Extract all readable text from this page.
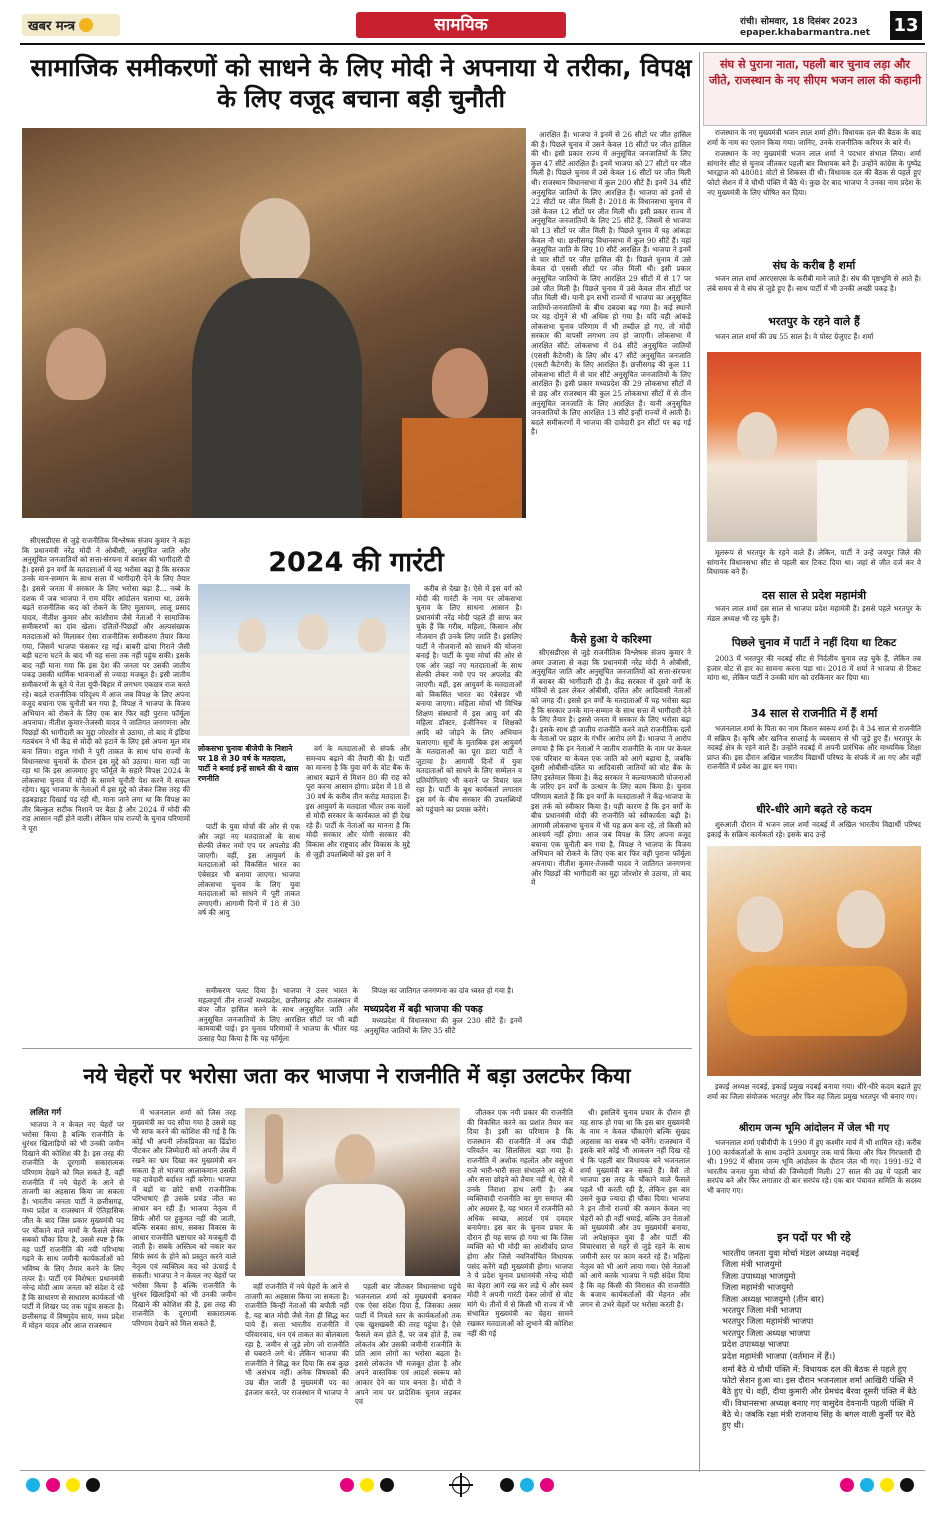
खबर मन्त्र	सामयिक	रांची। सोमवार, 18 दिसंबर 2023
epaper.khabarmantra.net	13
सामाजिक समीकरणों को साधने के लिए मोदी ने अपनाया ये तरीका, विपक्ष के लिए वजूद बचाना बड़ी चुनौती

सीएसडीएस से जुड़े राजनीतिक विश्लेषक संजय कुमार ने कहा कि प्रधानमंत्री नरेंद्र मोदी ने ओबीसी, अनुसूचित जाति और अनुसूचित जनजातियों को सत्ता-संरचना में बराबर की भागीदारी दी है। इससे इन वर्गों के मतदाताओं में यह भरोसा बढ़ा है कि सरकार उनके मान-सम्मान के साथ सत्ता में भागीदारी देने के लिए तैयार है। इससे जनता में सरकार के लिए भरोसा बढ़ा है... नब्बे के दशक में जब भाजपा ने राम मंदिर आंदोलन चलाया था, उसके बढ़ते राजनीतिक कद को रोकने के लिए मुलायम, लालू प्रसाद यादव, नीतीश कुमार और कांशीराम जैसे नेताओं ने सामाजिक समीकरणों का दांव खेला। दलितों-पिछड़ों और अल्पसंख्यक मतदाताओं को मिलाकर ऐसा राजनीतिक समीकरण तैयार किया गया, जिसमें भाजपा फंसकर रह गई। बाबरी ढांचा गिराने जैसी बड़ी घटना घटने के बाद भी यह सत्ता तक नहीं पहुंच सकी। इसके बाद नहीं माना गया कि इस देश की जनता पर उसकी जातीय पकड़ उसकी धार्मिक भावनाओं से ज्यादा मजबूत है। इसी जातीय समीकरणों के बूते ये नेता यूपी-बिहार में लगभग एकछत्र राज करते रहे। बदले राजनीतिक परिदृश्य में आज जब विपक्ष के लिए अपना वजूद बचाना एक चुनौती बन गया है, विपक्ष ने भाजपा के विजय अभियान को रोकने के लिए एक बार फिर वही पुराना फॉर्मूला अपनाया। नीतीश कुमार-तेजस्वी यादव ने जातिगत जनगणना और पिछड़ों की भागीदारी का मुद्दा जोरशोर से उठाया, तो बाद में इंडिया गठबंधन ने भी केंद्र से मोदी को हटाने के लिए इसे अपना मूल मंत्र बना लिया। राहुल गांधी ने पूरी ताकत के साथ पांच राज्यों के विधानसभा चुनावों के दौरान इस मुद्दे को उठाया। माना यही जा रहा था कि इस आजमाए हुए फॉर्मूले के सहारे विपक्ष 2024 के लोकसभा चुनाव में मोदी के सामने चुनौती पेश करने में सफल रहेगा। खुद भाजपा के नेताओं में इस मुद्दे को लेकर जिस तरह की हड़बड़ाहट दिखाई पड़ रही थी, माना जाने लगा था कि विपक्ष का तीर बिल्कुल सटीक निशाने पर बैठा है और 2024 में मोदी की राह आसान नहीं होने वाली। लेकिन पांच राज्यों के चुनाव परिणामों ने पूरा

आरक्षित हैं। भाजपा ने इनमें से 26 सीटों पर जीत हासिल की है। पिछले चुनाव में उसने केवल 18 सीटों पर जीत हासिल की थी। इसी प्रकार राज्य में अनुसूचित जनजातियों के लिए कुल 47 सीटें आरक्षित हैं। इनमें भाजपा को 27 सीटों पर जीत मिली है। पिछले चुनाव में उसे केवल 16 सीटों पर जीत मिली थी। राजस्थान विधानसभा में कुल 200 सीटें हैं। इनमें 34 सीटें अनुसूचित जातियों के लिए आरक्षित हैं। भाजपा को इनमें से 22 सीटों पर जीत मिली है। 2018 के विधानसभा चुनाव में उसे केवल 12 सीटों पर जीत मिली थी। इसी प्रकार राज्य में अनुसूचित जनजातियों के लिए 25 सीटें हैं, जिसमें से भाजपा को 13 सीटों पर जीत मिली है। पिछले चुनाव में यह आंकड़ा केवल नौ था। छत्तीसगढ़ विधानसभा में कुल 90 सीटें हैं। यहां अनुसूचित जाति के लिए 10 सीटें आरक्षित हैं। भाजपा ने इनमें से चार सीटों पर जीत हासिल की है। पिछले चुनाव में उसे केवल दो एससी सीटों पर जीत मिली थी। इसी प्रकार अनुसूचित जातियों के लिए आरक्षित 29 सीटों में से 17 पर उसे जीत मिली है। पिछले चुनाव में उसे केवल तीन सीटों पर जीत मिली थी। यानी इन सभी राज्यों में भाजपा का अनुसूचित जातियों-जनजातियों के बीच दबदबा बढ़ गया है। कई स्थानों पर यह दोगुने से भी अधिक हो गया है। यदि यही आंकड़े लोकसभा चुनाव परिणाम में भी तब्दील हो गए, तो मोदी सरकार की वापसी लगभग तय हो जाएगी। लोकसभा में आरक्षित सीटें: लोकसभा में 84 सीटें अनुसूचित जातियों (एससी कैटेगरी) के लिए और 47 सीटें अनुसूचित जनजाति (एसटी कैटेगरी) के लिए आरक्षित हैं। छत्तीसगढ़ की कुल 11 लोकसभा सीटों में से चार सीटें अनुसूचित जनजातियों के लिए आरक्षित हैं। इसी प्रकार मध्यप्रदेश की 29 लोकसभा सीटों में से छह और राजस्थान की कुल 25 लोकसभा सीटों में से तीन अनुसूचित जनजाति के लिए आरक्षित हैं। यानी अनुसूचित जनजातियों के लिए आरक्षित 13 सीटें इन्हीं राज्यों में आती हैं। बदले समीकरणों में भाजपा की दावेदारी इन सीटों पर बढ़ गई है।

कैसे हुआ ये करिश्मा

सीएसडीएस से जुड़े राजनीतिक विश्लेषक संजय कुमार ने अमर उजाला से कहा कि प्रधानमंत्री नरेंद्र मोदी ने ओबीसी, अनुसूचित जाति और अनुसूचित जनजातियों को सत्ता-संरचना में बराबर की भागीदारी दी है। केंद्र सरकार में दूसरे वर्गों के मंत्रियों से इतर लेकर ओबीसी, दलित और आदिवासी नेताओं को जगह दी। इससे इन वर्गों के मतदाताओं में यह भरोसा बढ़ा है कि सरकार उनके मान-सम्मान के साथ सत्ता में भागीदारी देने के लिए तैयार है। इससे जनता में सरकार के लिए भरोसा बढ़ा है। इसके साथ ही जातीय राजनीति करने वाले राजनीतिक दलों के नेताओं पर प्रहार के गंभीर आरोप लगे हैं। भाजपा ने आरोप लगाया है कि इन नेताओं ने जातीय राजनीति के नाम पर केवल एक परिवार या केवल एक जाति को आगे बढ़ाया है, जबकि दूसरी ओबीसी-दलित या आदिवासी जातियों को वोट बैंक के लिए इस्तेमाल किया है। केंद्र सरकार ने कल्याणकारी योजनाओं के जरिए इन वर्गों के उत्थान के लिए काम किया है। चुनाव परिणाम बताते हैं कि इन वर्गों के मतदाताओं ने केंद्र-भाजपा के इस तर्क को स्वीकार किया है। यही कारण है कि इन वर्गों के बीच प्रधानमंत्री मोदी की राजनीति को स्वीकार्यता बढ़ी है। आगामी लोकसभा चुनाव में भी यह क्रम बना रहे, तो किसी को आश्चर्य नहीं होगा। आज जब विपक्ष के लिए अपना वजूद बचाना एक चुनौती बन गया है, विपक्ष ने भाजपा के विजय अभियान को रोकने के लिए एक बार फिर वही पुराना फॉर्मूला अपनाया। नीतीश कुमार-तेजस्वी यादव ने जातिगत जनगणना और पिछड़ों की भागीदारी का मुद्दा जोरशोर से उठाया, तो बाद में

2024 की गारंटी
लोकसभा चुनावः बीजेपी के निशाने पर 18 से 30 वर्ष के मतदाता, पार्टी ने बनाई इन्हें साधने की ये खास रणनीति

पार्टी के युवा मोर्चा की ओर से एक और जहां नए मतदाताओं के साथ सेल्फी लेकर नमो एप पर अपलोड की जाएगी। वहीं, इस आयुवर्ग के मतदाताओं को विकसित भारत का एंबेसडर भी बनाया जाएगा। भाजपा लोकसभा चुनाव के लिए युवा मतदाताओं को साधने में पूरी ताकत लगाएगी। आगामी दिनों में 18 से 30 वर्ष की आयु

वर्ग के मतदाताओं से संपर्क और समन्वय बढ़ाने की तैयारी की है। पार्टी का मानना है कि युवा वर्ग के वोट बैंक के आधार बढ़ाने से मिशन 80 की राह को पूरा करना आसान होगा। प्रदेश में 18 से 30 वर्ष के करीब तीन करोड़ मतदाता हैं। इस आयुवर्ग के मतदाता भीतर तक वालों से मोदी सरकार के कार्यकाल को ही देख रहे हैं। पार्टी के नेताओं का मानना है कि मोदी सरकार और योगी सरकार की विकास और राष्ट्रवाद और विकास के मुद्दे से जुड़ी उपलब्धियों को इस वर्ग ने

करीब से देखा है। ऐसे में इस वर्ग को मोदी की गारंटी के नाम पर लोकसभा चुनाव के लिए साधना आसान है। प्रधानमंत्री नरेंद्र मोदी पहले ही साफ कर चुके हैं कि गरीब, महिला, किसान और नौजवान ही उनके लिए जाति हैं। इसलिए पार्टी ने नौजवानों को साधने की योजना बनाई है। पार्टी के युवा मोर्चा की ओर से एक ओर जहां नए मतदाताओं के साथ सेल्फी लेकर नमो एप पर अपलोड की जाएगी। वहीं, इस आयुवर्ग के मतदाताओं को विकसित भारत का एंबेसडर भी बनाया जाएगा। महिला मोर्चा भी विभिन्न शिक्षण संस्थानों में इस आयु वर्ग की महिला डॉक्टर, इंजीनियर व शिक्षकों आदि को जोड़ने के लिए अभियान चलाएगा। सूत्रों के मुताबिक इस आयुवर्ग के मतदाताओं का पूरा डाटा पार्टी ने जुटाया है। आगामी दिनों में युवा मतदाताओं को साधने के लिए सम्मेलन व प्रतियोगिताएं भी कराने पर विचार चल रहा है। पार्टी के बूथ कार्यकर्ता लगातार इस वर्ग के बीच सरकार की उपलब्धियों को पहुंचाने का प्रयास करेंगे।

समीकरण पलट दिया है। भाजपा ने उत्तर भारत के महत्वपूर्ण तीन राज्यों मध्यप्रदेश, छत्तीसगढ़ और राजस्थान में बंपर जीत हासिल करने के साथ अनुसूचित जाति और अनुसूचित जनजातियों के लिए आरक्षित सीटों पर भी बड़ी कामयाबी पाई। इन चुनाव परिणामों ने भाजपा के भीतर यह उत्साह पैदा किया है कि यह फॉर्मूला

विपक्ष का जातिगत जनगणना का दांव ध्वस्त हो गया है।

मध्यप्रदेश में बढ़ी भाजपा की पकड़

मध्यप्रदेश में विधानसभा की कुल 230 सीटें हैं। इनमें अनुसूचित जातियों के लिए 35 सीटें

संघ से पुराना नाता, पहली बार चुनाव लड़ा और जीते, राजस्थान के नए सीएम भजन लाल की कहानी

राजस्थान के नए मुख्यमंत्री भजन लाल शर्मा होंगे। विधायक दल की बैठक के बाद शर्मा के नाम का एलान किया गया। जानिए, उनके राजनीतिक करियर के बारे में।

राजस्थान के नए मुख्यमंत्री भजन लाल शर्मा ने पदभार संभाल लिया। शर्मा सांगानेर सीट से चुनाव जीतकर पहली बार विधायक बने हैं। उन्होंने कांग्रेस के पुष्पेंद्र भारद्वाज को 48081 वोटों से शिकस्त दी थी। विधायक दल की बैठक से पहले हुए फोटो सेशन में वे चौथी पंक्ति में बैठे थे। कुछ देर बाद भाजपा ने उनका नाम प्रदेश के नए मुख्यमंत्री के लिए घोषित कर दिया।

संघ के करीब है शर्मा

भजन लाल शर्मा आरएसएस के करीबी माने जाते हैं। संघ की पृष्ठभूमि से आते हैं। लंबे समय से वे संघ से जुड़े हुए हैं। साथ पार्टी में भी उनकी अच्छी पकड़ है।

भरतपुर के रहने वाले हैं

भजन लाल शर्मा की उम्र 55 साल है। वे पोस्ट ग्रेजुएट हैं। शर्मा

मूलरूप से भरतपुर के रहने वाले हैं। लेकिन, पार्टी ने उन्हें जयपुर जिले की सांगानेर विधानसभा सीट से पहली बार टिकट दिया था। जहां से जीत दर्ज कर वे विधायक बने हैं।

दस साल से प्रदेश महामंत्री

भजन लाल शर्मा दस साल से भाजपा प्रदेश महामंत्री हैं। इससे पहले भरतपुर के मंडल अध्यक्ष भी रह चुके हैं।

पिछले चुनाव में पार्टी ने नहीं दिया था टिकट

2003 में भरतपुर की नदबई सीट से निर्दलीय चुनाव लड़ चुके हैं, लेकिन तब हजार वोट से हार का सामना करना पड़ा था। 2018 में शर्मा ने भाजपा से टिकट मांगा था, लेकिन पार्टी ने उनकी मांग को दरकिनार कर दिया था।

34 साल से राजनीति में हैं शर्मा

भजनलाल शर्मा के पिता का नाम किशन स्वरूप शर्मा है। वे 34 साल से राजनीति में सक्रिय हैं। कृषि और खनिज सप्लाई के व्यवसाय से भी जुड़े हुए हैं। भरतपुर के नदबई क्षेत्र के रहने वाले हैं। उन्होंने नदबई में अपनी प्रारंभिक और माध्यमिक शिक्षा प्राप्त की। इस दौरान अखिल भारतीय विद्यार्थी परिषद के संपर्क में आ गए और वहीं राजनीति में प्रवेश का द्वार बन गया।

धीरे-धीरे आगे बढ़ते रहे कदम

शुरुआती दौरान में भजन लाल शर्मा नदबई में अखिल भारतीय विद्यार्थी परिषद इकाई के सक्रिय कार्यकर्ता रहे। इसके बाद उन्हें

इकाई अध्यक्ष नदबई, इकाई प्रमुख नदबई बनाया गया। धीरे-धीरे कदम बढ़ाते हुए शर्मा का जिला संयोजक भरतपुर और फिर वह जिला प्रमुख भरतपुर भी बनाए गए।

श्रीराम जन्म भूमि आंदोलन में जेल भी गए

भजनलाल शर्मा एबीवीपी के 1990 में हुए कश्मीर मार्च में भी शामिल रहे। करीब 100 कार्यकर्ताओं के साथ उन्होंने ऊधमपुर तक मार्च किया और फिर गिरफ्तारी दी थी। 1992 में श्रीराम जन्म भूमि आंदोलन के दौरान जेल भी गए। 1991-92 में भारतीय जनता युवा मोर्चा की जिम्मेदारी मिली। 27 साल की उम्र में पहली बार सरपंच बने और फिर लगातार दो बार सरपंच रहे। एक बार पंचायत समिति के सदस्य भी बनाए गए।

इन पदों पर भी रहे
भारतीय जनता युवा मोर्चा मंडल अध्यक्ष नदबई
जिला मंत्री भाजयुमो
जिला उपाध्यक्ष भाजयुमो
जिला महामंत्री भाजयुमो
जिला अध्यक्ष भाजयुमो (तीन बार)
भरतपुर जिला मंत्री भाजपा
भरतपुर जिला महामंत्री भाजपा
भरतपुर जिला अध्यक्ष भाजपा
प्रदेश उपाध्यक्ष भाजपा
प्रदेश महामंत्री भाजपा (वर्तमान में हैं।)
शर्मा बैठे थे चौथी पंक्ति में: विधायक दल की बैठक से पहले हुए फोटो सेशन हुआ था। इस दौरान भजनलाल शर्मा आखिरी पंक्ति में बैठे हुए थे। वहीं, दीया कुमारी और प्रेमचंद बैरवा दूसरी पंक्ति में बैठे थीं। विधानसभा अध्यक्ष बनाए गए वासुदेव देवनानी पहली पंक्ति में बैठे थे। जबकि रक्षा मंत्री राजनाथ सिंह के बगल वाली कुर्सी पर बैठे हुए थी।
नये चेहरों पर भरोसा जता कर भाजपा ने राजनीति में बड़ा उलटफेर किया
ललित गर्ग

भाजपा ने न केवल नए चेहरों पर भरोसा किया है बल्कि राजनीति के धुरंधर खिलाड़ियों को भी उनकी जमीन दिखाने की कोशिश की है। इस तरह की राजनीति के दूरगामी सकारात्मक परिणाम देखने को मिल सकते हैं, वहीं राजनीति में नये चेहरों के आने से ताजगी का अहसास किया जा सकता है। भारतीय जनता पार्टी ने छत्तीसगढ़, मध्य प्रदेश व राजस्थान में ऐतिहासिक जीत के बाद जिस प्रकार मुख्यमंत्री पद पर चौंकाने वाले नामों के फैसले लेकर सबको चौंका दिया है, उससे स्पष्ट है कि वह पार्टी राजनीति की नयी परिभाषा गढ़ने के साथ जमीनी कार्यकर्ताओं को भविष्य के लिए तैयार करने के लिए तत्पर है। पार्टी एवं विशेषतः प्रधानमंत्री नरेन्द्र मोदी आम जनता को संदेश दे रहे हैं कि साधारण से साधारण कार्यकर्ता भी पार्टी में शिखर पद तक पहुंच सकता है। छत्तीसगढ़ में विष्णुदेव साय, मध्य प्रदेश में मोहन यादव और आज राजस्थान

में भजनलाल शर्मा को जिस तरह मुख्यमंत्री का पद सौंपा गया है उससे यह भी साफ करने की कोशिश की गई है कि कोई भी अपनी लोकप्रियता का ढिंढोरा पीटकर और जिम्मेदारी को अपनी जेब में रखने का भ्रम दिखा कर मुख्यमंत्री बन सकता है तो भाजपा आलाकमान उसकी यह दावेदारी बर्दाश्त नहीं करेगा। भाजपा में बड़ों या छोटे सभी राजनीतिक परिभाषाएं ही उसके प्रचंड जीत का आधार बन रही हैं। भाजपा नेतृत्व में सिर्फ औरों पर हुकूमत नहीं की जाती, बल्कि सबका साथ, सबका विकास के आधार राजनीति भ्रष्टाचार को मजबूती दी जाती है। सबके अस्तित्व को नकार कर सिर्फ स्वयं के होने को प्रस्तुत करने वाले नेतृत्व एवं व्यक्तित्व कद को ऊंचाई दे सकती। भाजपा ने न केवल नए चेहरों पर भरोसा किया है बल्कि राजनीति के धुरंधर खिलाड़ियों को भी उनकी जमीन दिखाने की कोशिश की है, इस तरह की राजनीति के दूरगामी सकारात्मक परिणाम देखने को मिल सकते हैं,

वहीं राजनीति में नये चेहरों के आने से ताजगी का अहसास किया जा सकता है। राजनीति किन्हीं नेताओं की बपौती नहीं है, यह बात मोदी जैसे नेता ही सिद्ध कर पाये हैं। सत्ता भारतीय राजनीति में परिवारवाद, धन एवं ताकत का बोलबाला रहा है, जमीन से जुड़े लोग जो राजनीति से घबराने लगे थे। लेकिन भाजपा की राजनीति ने सिद्ध कर दिया कि सब कुछ भी असंभव नहीं। अनेक विषयकों की उम्र बीत जाती है मुख्यमंत्री पद का इंतजार करते, पर राजस्थान में भाजपा ने

पहली बार जीतकर विधानसभा पहुंचे भजनलाल शर्मा को मुख्यमंत्री बनाकर एक ऐसा संदेश दिया है, जिसका असर पार्टी में निचले स्तर के कार्यकर्ताओं तक एक खुशखबरी की तरह पहुंचा है। ऐसे फैसले कम होते हैं, पर जब होते हैं, तब लोकतंत्र और उसकी जमीनी राजनीति के प्रति आम लोगों का भरोसा बढ़ता है। इससे लोकतंत्र भी मजबूत होता है और अपने वास्तविक एवं आदर्श स्वरूप को आकार देने का पात्र बनता है। मोदी ने अपने नाम पर प्रादेशिक चुनाव लड़कर एवं

जीतकर एक नयी प्रकार की राजनीति की विकसित करने का प्रशांत तैयार कर दिया है। इसी का परिणाम है कि राजस्थान की राजनीति में अब पीढ़ी परिवर्तन का सिलसिला बड़ा गया है। राजनीति में अशोक गहलोत और वसुंधरा राजे भारी-भारी सत्ता संभालने आ रहे थे और सत्ता छोड़ने को तैयार नहीं थे, ऐसे में उनके निराशा हाथ लगी है। अब व्यक्तिवादी राजनीति का युग समाप्त की ओर अग्रसर है, यह भारत में राजनीति को अधिक स्वच्छ, आदर्श एवं दमदार बनायेगा। इस बार के चुनाव प्रचार के दौरान ही यह साफ हो गया था कि जिस व्यक्ति को भी मोदी का आशीर्वाद प्राप्त होगा और जिसे नवनिर्वाचित विधायक पसंद करेंगे वही मुख्यमंत्री होगा। भाजपा ने ये प्रदेश चुनाव प्रधानमंत्री नरेन्द्र मोदी का चेहरा आगे रख कर लड़े थे और स्वयं मोदी ने अपनी गारंटी देकर लोगों से वोट मांगे थे। तीनों में से किसी भी राज्य में भी संभावित मुख्यमंत्री का चेहरा सामने रखकर मतदाताओं को लुभाने की कोशिश नहीं की गई

थी। इसलिये चुनाव प्रचार के दौरान ही यह साफ हो गया था कि इस बार मुख्यमंत्री के नाम न केवल चौंकाएंगे बल्कि सुखद अहसास का सबब भी बनेंगे। राजस्थान में इसके बारे कोई भी आकलन नहीं दिख रहे थे कि पहली बार विधायक बने भजनलाल शर्मा मुख्यमंत्री बन सकते हैं। वैसे तो भाजपा इस तरह के चौंकाने वाले फैसले पहले भी करती रही है, लेकिन इस बार उसने कुछ ज्यादा ही चौंका दिया। भाजपा ने इन तीनों राज्यों की कमान केवल नए चेहरों को ही नहीं थमाई, बल्कि उन नेताओं को मुख्यमंत्री और उप मुख्यमंत्री बनाया, जो अपेक्षाकृत युवा हैं और पार्टी की विचारधारा से गहरे से जुड़े रहने के साथ जमीनी स्तर पर काम करते रहे हैं। महिला नेतृत्व को भी आगे लाया गया। ऐसे नेताओं को आगे करके भाजपा ने यही संदेश दिया है कि वह किसी की विरासत की राजनीति के बजाय कार्यकर्ताओं की मेहनत और लगन से उभरे चेहरों पर भरोसा करती है।
